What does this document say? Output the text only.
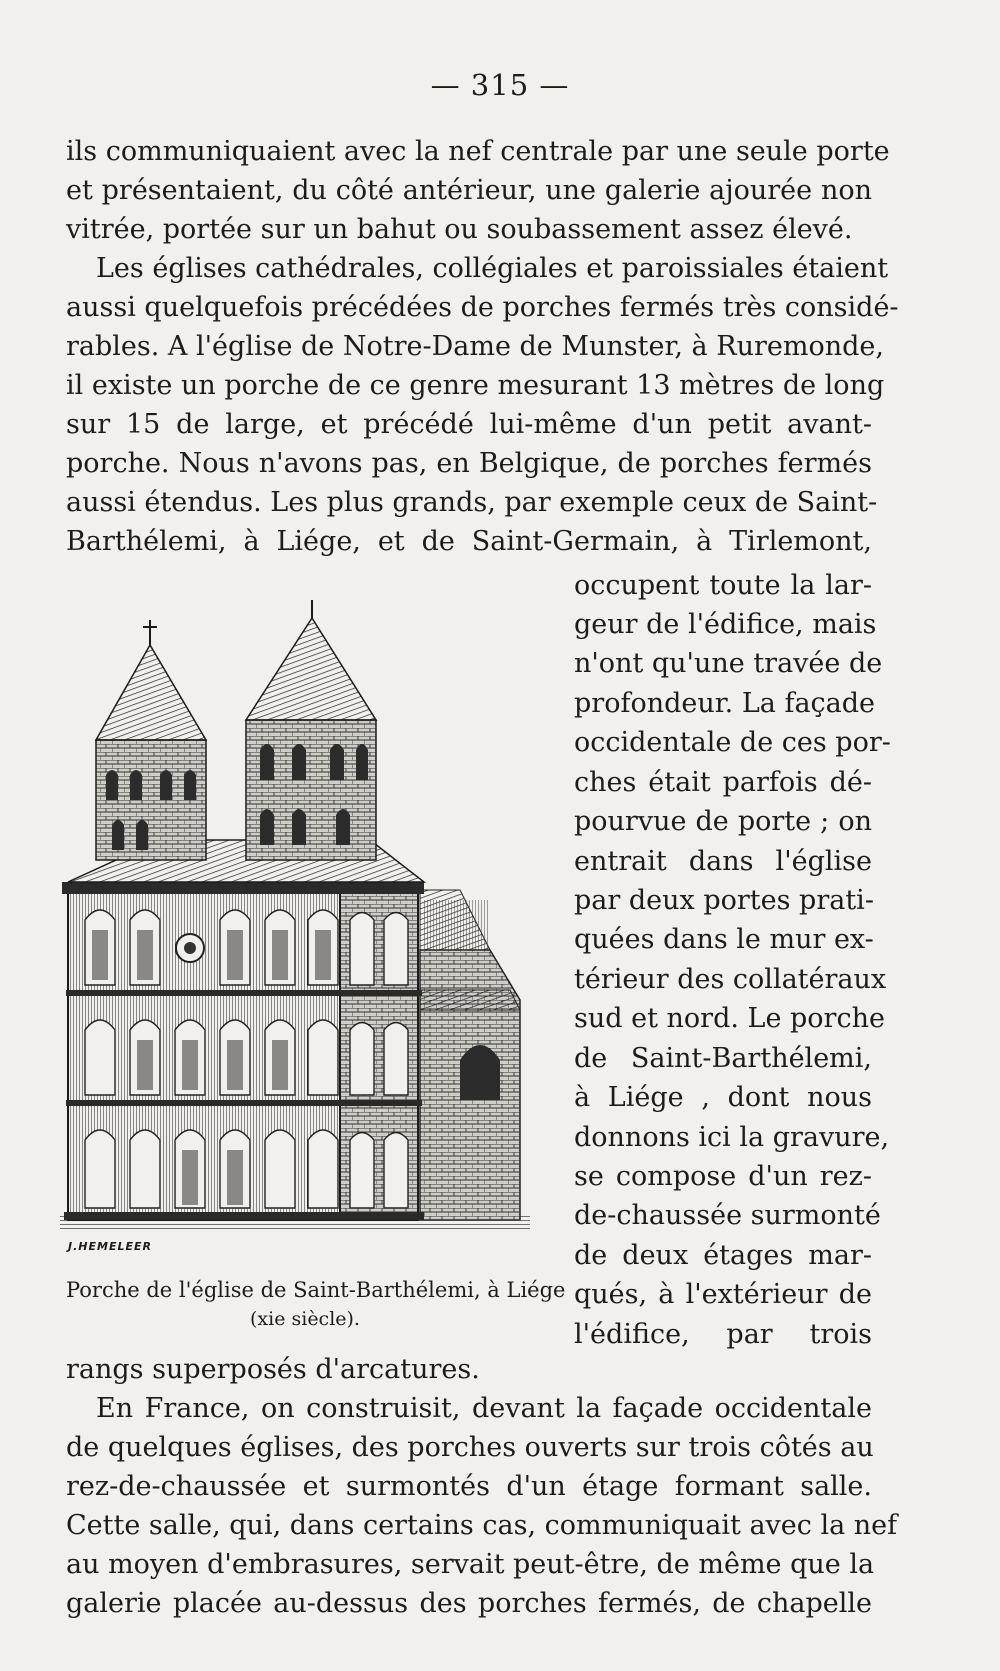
— 315 —
ils communiquaient avec la nef centrale par une seule porte
et présentaient, du côté antérieur, une galerie ajourée non
vitrée, portée sur un bahut ou soubassement assez élevé.
Les églises cathédrales, collégiales et paroissiales étaient
aussi quelquefois précédées de porches fermés très considé-
rables. A l'église de Notre-Dame de Munster, à Ruremonde,
il existe un porche de ce genre mesurant 13 mètres de long
sur 15 de large, et précédé lui-même d'un petit avant-
porche. Nous n'avons pas, en Belgique, de porches fermés
aussi étendus. Les plus grands, par exemple ceux de Saint-
Barthélemi, à Liége, et de Saint-Germain, à Tirlemont,
occupent toute la lar-
geur de l'édifice, mais
n'ont qu'une travée de
profondeur. La façade
occidentale de ces por-
ches était parfois dé-
pourvue de porte ; on
entrait dans l'église
par deux portes prati-
quées dans le mur ex-
térieur des collatéraux
sud et nord. Le porche
de Saint-Barthélemi,
à Liége , dont nous
donnons ici la gravure,
se compose d'un rez-
de-chaussée surmonté
de deux étages mar-
qués, à l'extérieur de
l'édifice, par trois
J.HEMELEER
Porche de l'église de Saint-Barthélemi, à Liége
(xie siècle).
rangs superposés d'arcatures.
En France, on construisit, devant la façade occidentale
de quelques églises, des porches ouverts sur trois côtés au
rez-de-chaussée et surmontés d'un étage formant salle.
Cette salle, qui, dans certains cas, communiquait avec la nef
au moyen d'embrasures, servait peut-être, de même que la
galerie placée au-dessus des porches fermés, de chapelle
